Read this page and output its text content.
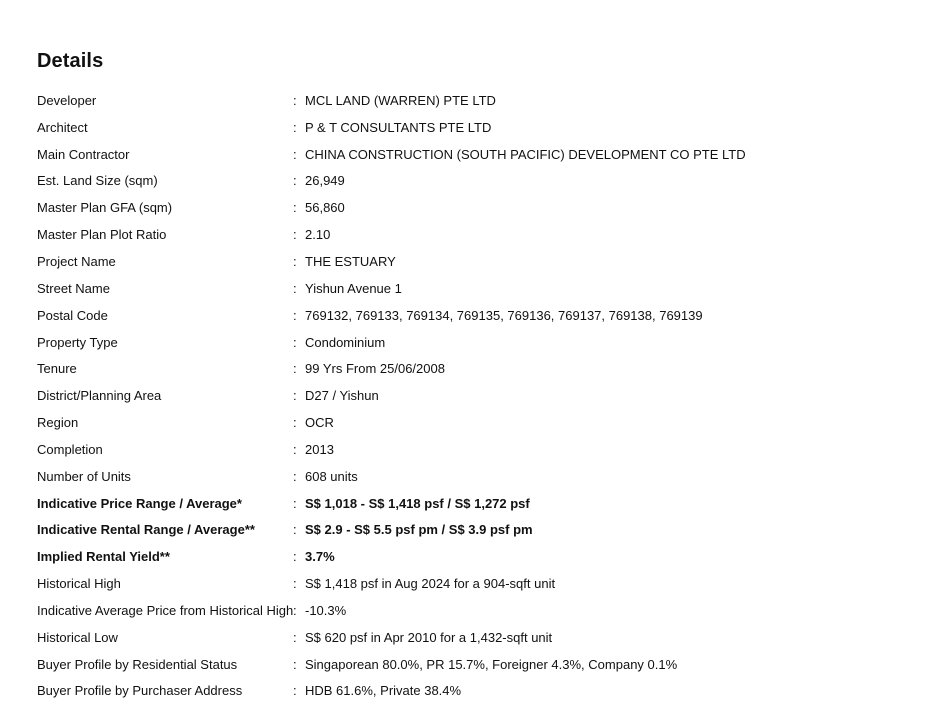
Details
Developer	: MCL LAND (WARREN) PTE LTD
Architect	: P & T CONSULTANTS PTE LTD
Main Contractor	: CHINA CONSTRUCTION (SOUTH PACIFIC) DEVELOPMENT CO PTE LTD
Est. Land Size (sqm)	: 26,949
Master Plan GFA (sqm)	: 56,860
Master Plan Plot Ratio	: 2.10
Project Name	: THE ESTUARY
Street Name	: Yishun Avenue 1
Postal Code	: 769132, 769133, 769134, 769135, 769136, 769137, 769138, 769139
Property Type	: Condominium
Tenure	: 99 Yrs From 25/06/2008
District/Planning Area	: D27 / Yishun
Region	: OCR
Completion	: 2013
Number of Units	: 608 units
Indicative Price Range / Average*	: S$ 1,018 - S$ 1,418 psf / S$ 1,272 psf
Indicative Rental Range / Average**	: S$ 2.9 - S$ 5.5 psf pm / S$ 3.9 psf pm
Implied Rental Yield**	: 3.7%
Historical High	: S$ 1,418 psf in Aug 2024 for a 904-sqft unit
Indicative Average Price from Historical High : -10.3%
Historical Low	: S$ 620 psf in Apr 2010 for a 1,432-sqft unit
Buyer Profile by Residential Status	: Singaporean 80.0%, PR 15.7%, Foreigner 4.3%, Company 0.1%
Buyer Profile by Purchaser Address	: HDB 61.6%, Private 38.4%
